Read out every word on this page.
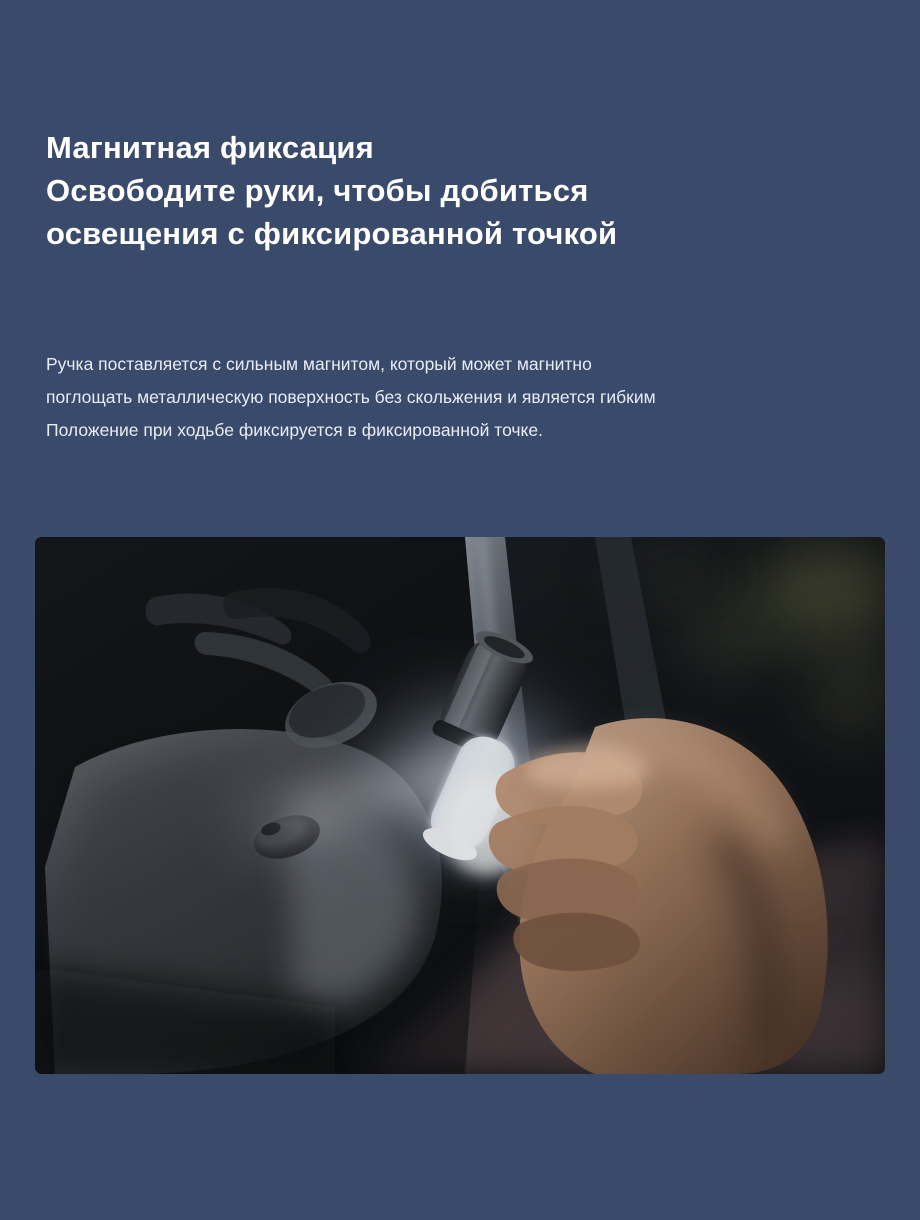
Магнитная фиксация
Освободите руки, чтобы добиться
освещения с фиксированной точкой
Ручка поставляется с сильным магнитом, который может магнитно
поглощать металлическую поверхность без скольжения и является гибким
Положение при ходьбе фиксируется в фиксированной точке.
